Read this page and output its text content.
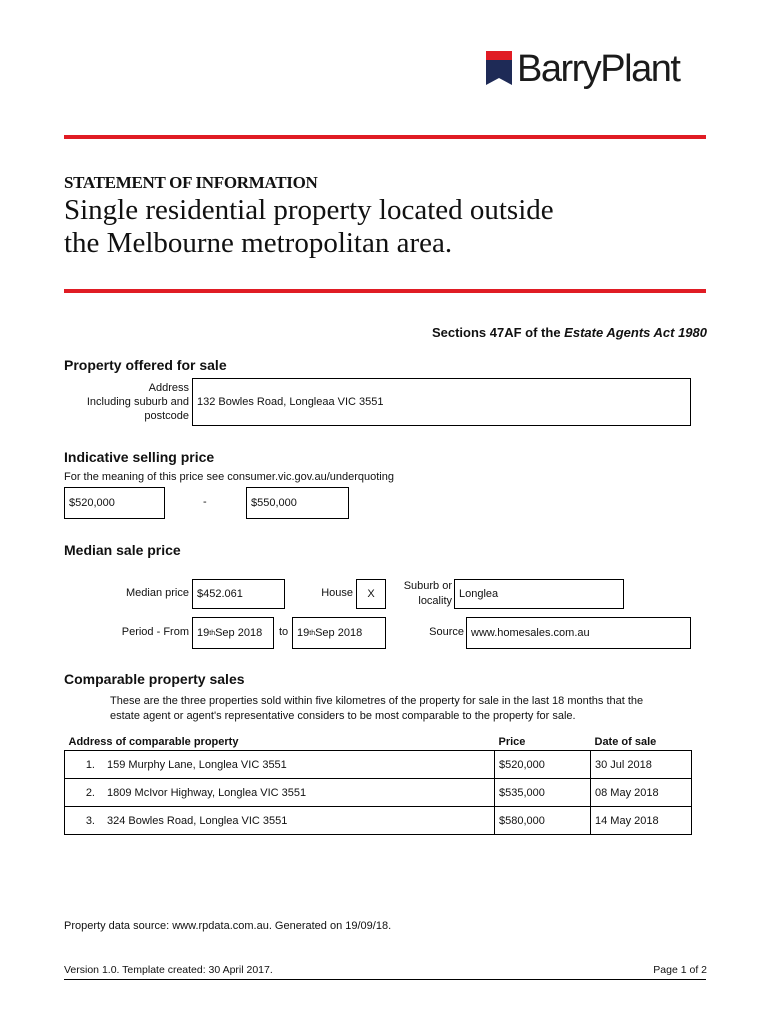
BarryPlant
STATEMENT OF INFORMATION
Single residential property located outside
the Melbourne metropolitan area.
Sections 47AF of the Estate Agents Act 1980
Property offered for sale
Address
Including suburb and
postcode
132 Bowles Road, Longleaa VIC 3551
Indicative selling price
For the meaning of this price see consumer.vic.gov.au/underquoting
$520,000	-	$550,000
Median sale price
Median price $452.061	House	X
Suburb or
locality
Longlea
Period - From 19 th Sep 2018 to 19 th Sep 2018	Source www.homesales.com.au
Comparable property sales
These are the three properties sold within five kilometres of the property for sale in the last 18 months that the
estate agent or agent's representative considers to be most comparable to the property for sale.
Address of comparable property		Price	Date of sale
1.	159 Murphy Lane, Longlea VIC 3551	$520,000	30 Jul 2018
2.	1809 McIvor Highway, Longlea VIC 3551	$535,000	08 May 2018
3.	324 Bowles Road, Longlea VIC 3551	$580,000	14 May 2018
Property data source: www.rpdata.com.au. Generated on 19/09/18.
Version 1.0. Template created: 30 April 2017.	Page 1 of 2
